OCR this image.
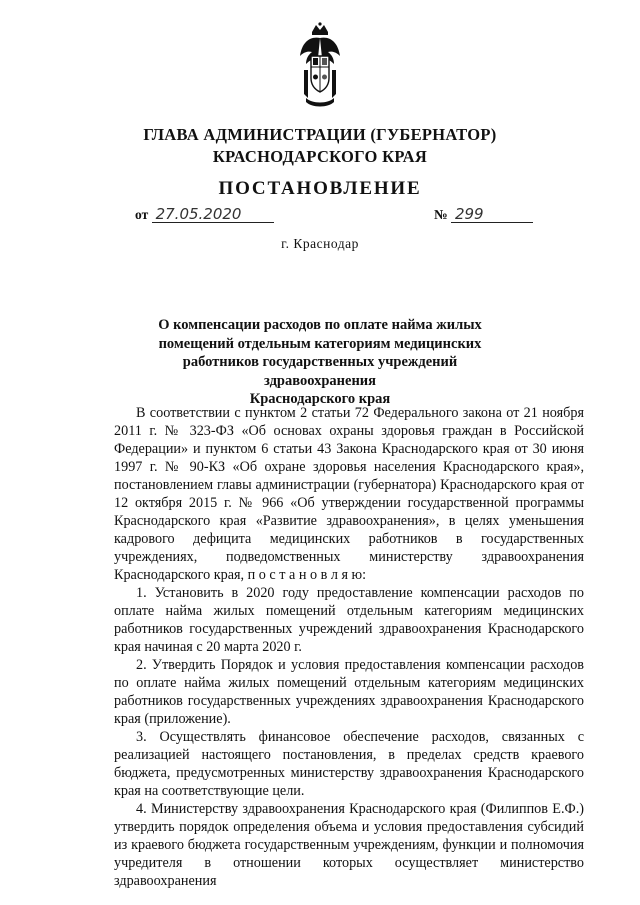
ГЛАВА АДМИНИСТРАЦИИ (ГУБЕРНАТОР)
КРАСНОДАРСКОГО КРАЯ
ПОСТАНОВЛЕНИЕ
от 27.05.2020	№ 299
г. Краснодар
О компенсации расходов по оплате найма жилых
помещений отдельным категориям медицинских
работников государственных учреждений здравоохранения
Краснодарского края

В соответствии с пунктом 2 статьи 72 Федерального закона от 21 ноября 2011 г. № 323-ФЗ «Об основах охраны здоровья граждан в Российской Федерации» и пунктом 6 статьи 43 Закона Краснодарского края от 30 июня 1997 г. № 90-КЗ «Об охране здоровья населения Краснодарского края», постановлением главы администрации (губернатора) Краснодарского края от 12 октября 2015 г. № 966 «Об утверждении государственной программы Краснодарского края «Развитие здравоохранения», в целях уменьшения кадрового дефицита медицинских работников в государственных учреждениях, подведомственных министерству здравоохранения Краснодарского края, п о с т а н о в л я ю:

1. Установить в 2020 году предоставление компенсации расходов по оплате найма жилых помещений отдельным категориям медицинских работников государственных учреждений здравоохранения Краснодарского края начиная с 20 марта 2020 г.

2. Утвердить Порядок и условия предоставления компенсации расходов по оплате найма жилых помещений отдельным категориям медицинских работников государственных учреждениях здравоохранения Краснодарского края (приложение).

3. Осуществлять финансовое обеспечение расходов, связанных с реализацией настоящего постановления, в пределах средств краевого бюджета, предусмотренных министерству здравоохранения Краснодарского края на соответствующие цели.

4. Министерству здравоохранения Краснодарского края (Филиппов Е.Ф.) утвердить порядок определения объема и условия предоставления субсидий из краевого бюджета государственным учреждениям, функции и полномочия учредителя в отношении которых осуществляет министерство здравоохранения
